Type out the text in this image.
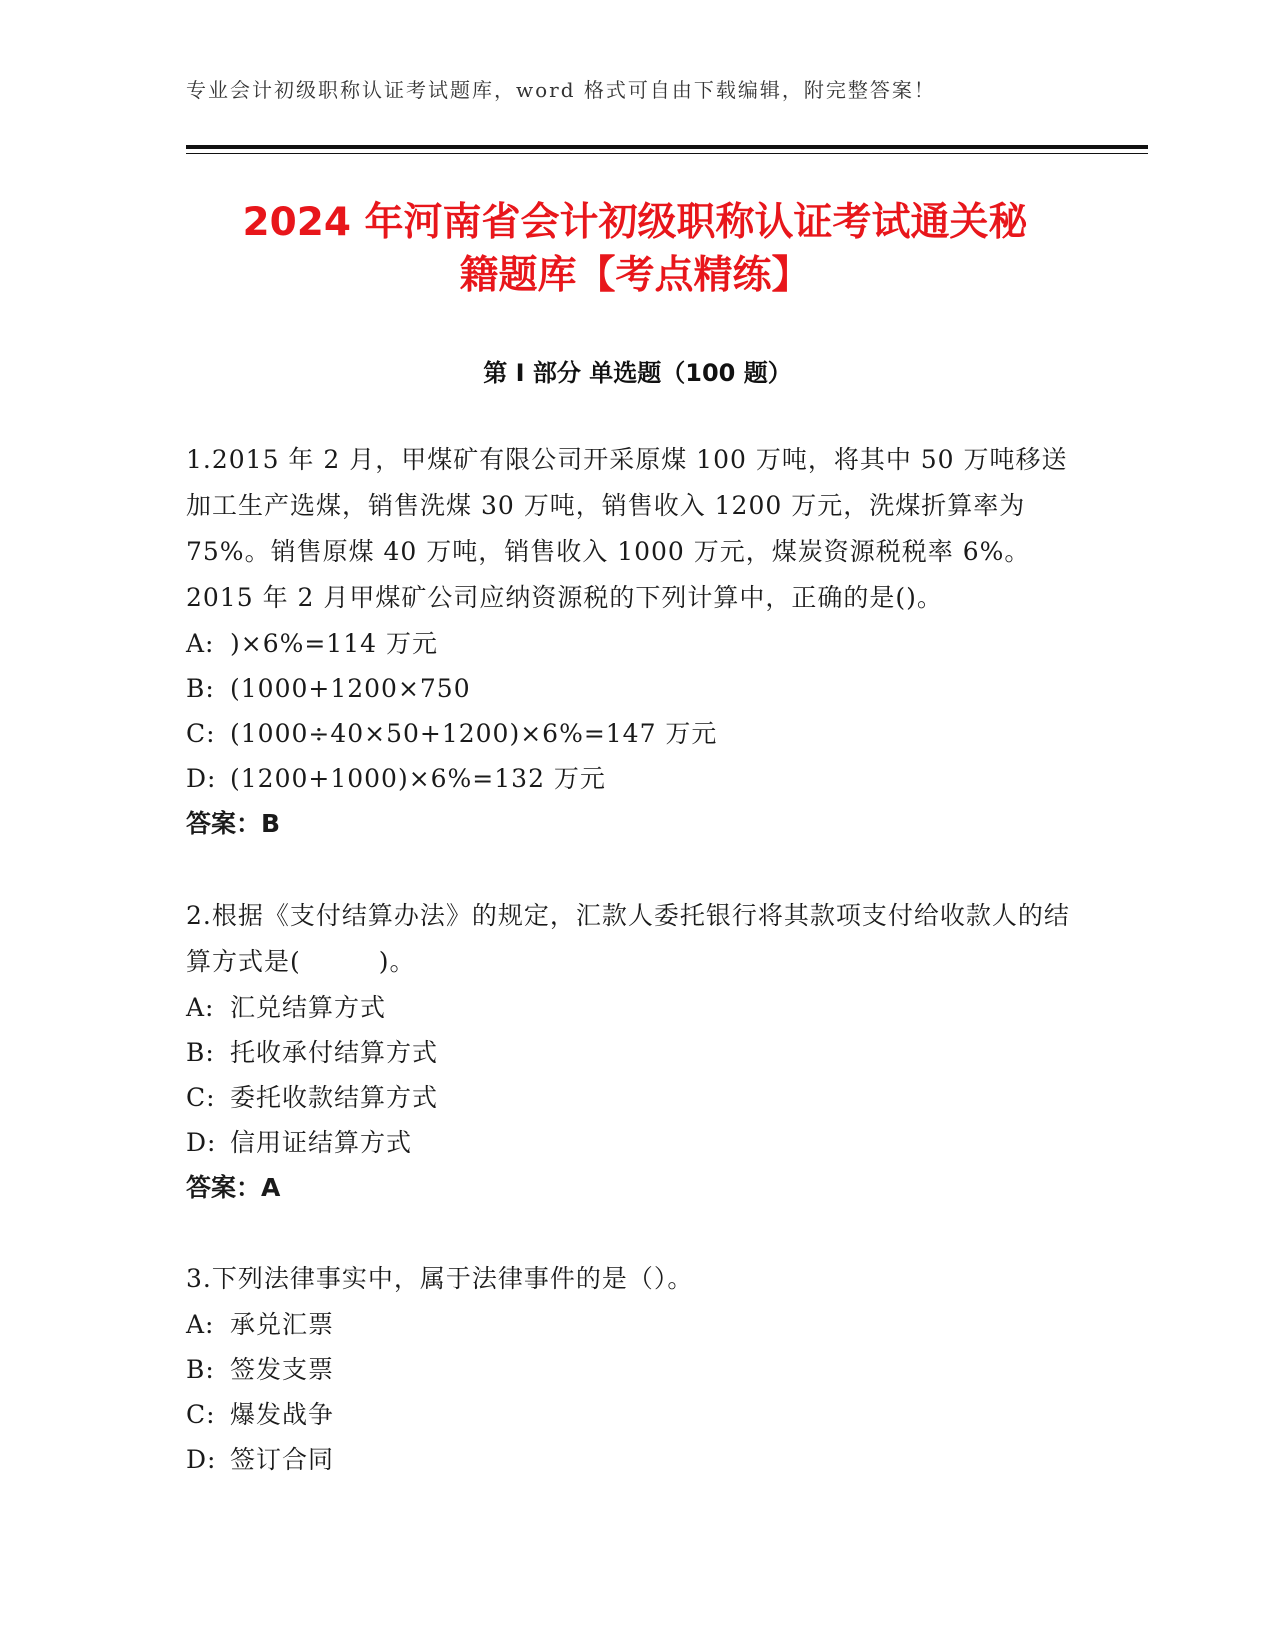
专业会计初级职称认证考试题库，word 格式可自由下载编辑，附完整答案！
2024 年河南省会计初级职称认证考试通关秘
籍题库【考点精练】
第 I 部分 单选题（100 题）

1.2015 年 2 月，甲煤矿有限公司开采原煤 100 万吨，将其中 50 万吨移送加工生产选煤，销售洗煤 30 万吨，销售收入 1200 万元，洗煤折算率为 75%。销售原煤 40 万吨，销售收入 1000 万元，煤炭资源税税率 6%。2015 年 2 月甲煤矿公司应纳资源税的下列计算中，正确的是()。

A: )×6%=114 万元

B: (1000+1200×750

C: (1000÷40×50+1200)×6%=147 万元

D: (1200+1000)×6%=132 万元

答案：B

2.根据《支付结算办法》的规定，汇款人委托银行将其款项支付给收款人的结算方式是(　　　)。

A: 汇兑结算方式

B: 托收承付结算方式

C: 委托收款结算方式

D: 信用证结算方式

答案：A

3.下列法律事实中，属于法律事件的是（）。

A: 承兑汇票

B: 签发支票

C: 爆发战争

D: 签订合同
